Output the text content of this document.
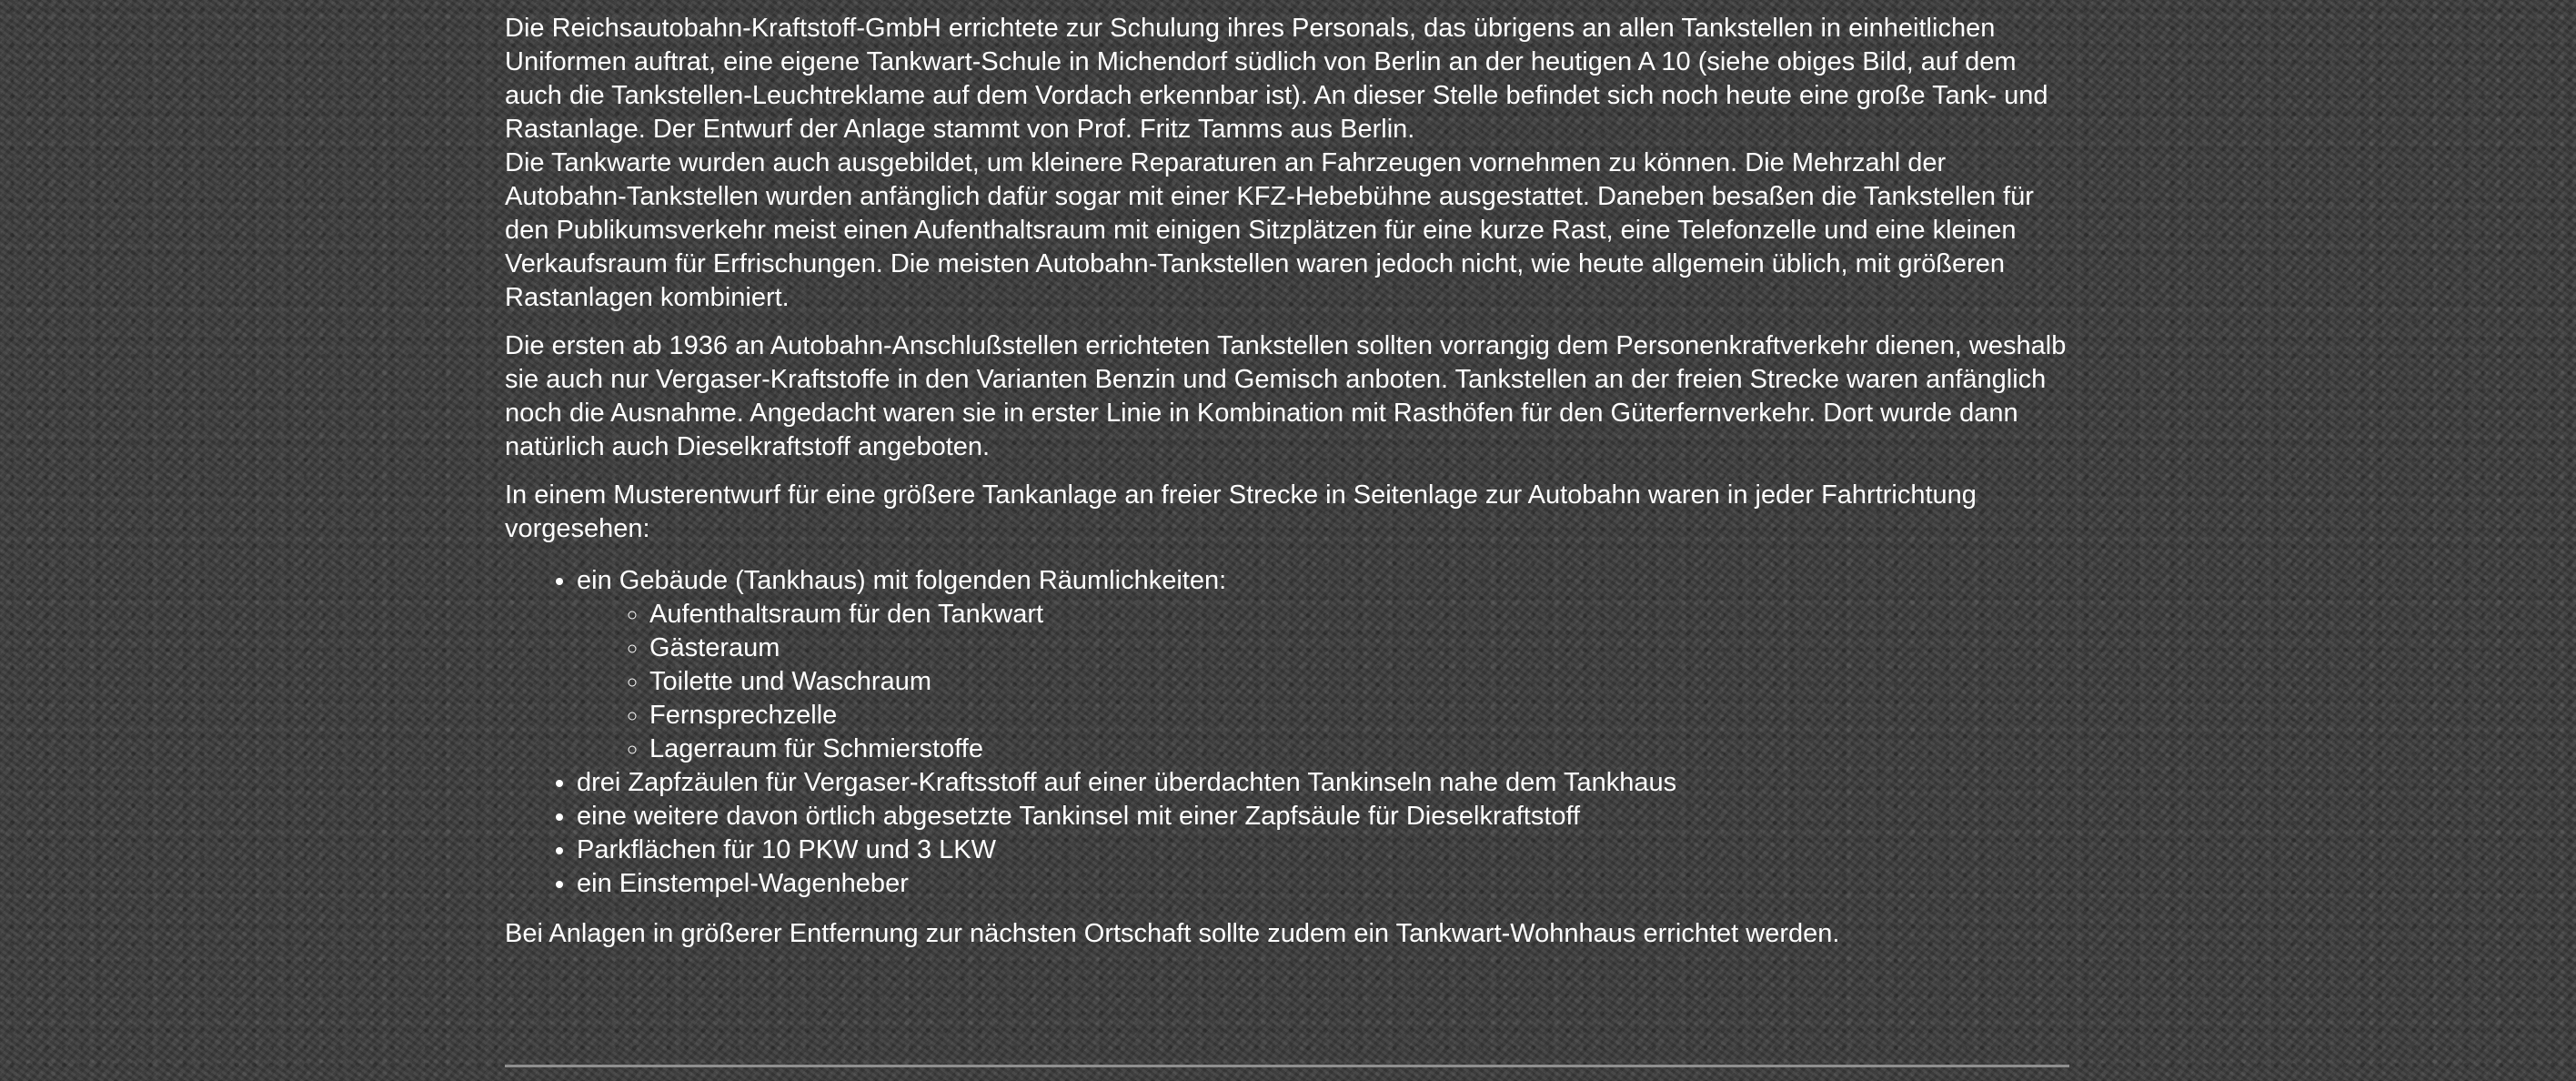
Die Reichsautobahn-Kraftstoff-GmbH errichtete zur Schulung ihres Personals, das übrigens an allen Tankstellen in einheitlichen Uniformen auftrat, eine eigene Tankwart-Schule in Michendorf südlich von Berlin an der heutigen A 10 (siehe obiges Bild, auf dem auch die Tankstellen-Leuchtreklame auf dem Vordach erkennbar ist). An dieser Stelle befindet sich noch heute eine große Tank- und Rastanlage. Der Entwurf der Anlage stammt von Prof. Fritz Tamms aus Berlin.

Die Tankwarte wurden auch ausgebildet, um kleinere Reparaturen an Fahrzeugen vornehmen zu können. Die Mehrzahl der Autobahn-Tankstellen wurden anfänglich dafür sogar mit einer KFZ-Hebebühne ausgestattet. Daneben besaßen die Tankstellen für den Publikumsverkehr meist einen Aufenthaltsraum mit einigen Sitzplätzen für eine kurze Rast, eine Telefonzelle und eine kleinen Verkaufsraum für Erfrischungen. Die meisten Autobahn-Tankstellen waren jedoch nicht, wie heute allgemein üblich, mit größeren Rastanlagen kombiniert.

Die ersten ab 1936 an Autobahn-Anschlußstellen errichteten Tankstellen sollten vorrangig dem Personenkraftverkehr dienen, weshalb sie auch nur Vergaser-Kraftstoffe in den Varianten Benzin und Gemisch anboten. Tankstellen an der freien Strecke waren anfänglich noch die Ausnahme. Angedacht waren sie in erster Linie in Kombination mit Rasthöfen für den Güterfernverkehr. Dort wurde dann natürlich auch Dieselkraftstoff angeboten.

In einem Musterentwurf für eine größere Tankanlage an freier Strecke in Seitenlage zur Autobahn waren in jeder Fahrtrichtung vorgesehen:

• ein Gebäude (Tankhaus) mit folgenden Räumlichkeiten:
◦ Aufenthaltsraum für den Tankwart
◦ Gästeraum
◦ Toilette und Waschraum
◦ Fernsprechzelle
◦ Lagerraum für Schmierstoffe
• drei Zapfzäulen für Vergaser-Kraftsstoff auf einer überdachten Tankinseln nahe dem Tankhaus
• eine weitere davon örtlich abgesetzte Tankinsel mit einer Zapfsäule für Dieselkraftstoff
• Parkflächen für 10 PKW und 3 LKW
• ein Einstempel-Wagenheber

Bei Anlagen in größerer Entfernung zur nächsten Ortschaft sollte zudem ein Tankwart-Wohnhaus errichtet werden.
